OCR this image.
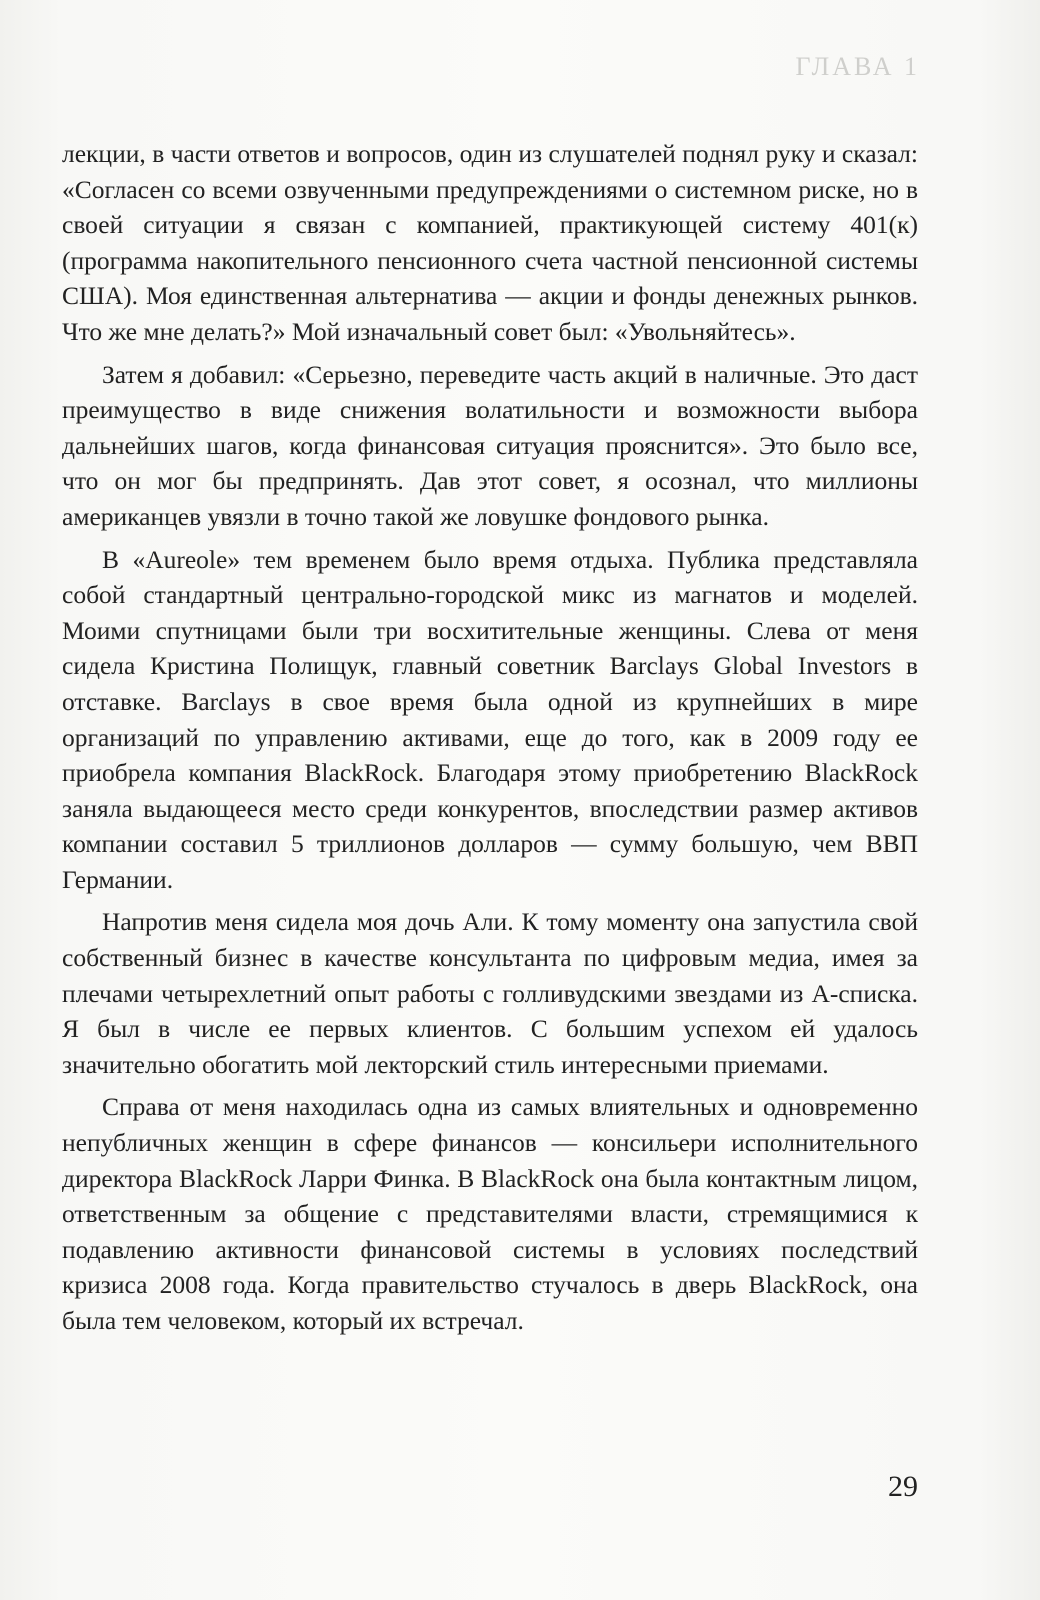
ГЛАВА 1

лекции, в части ответов и вопросов, один из слушателей поднял руку и сказал: «Согласен со всеми озвученными предупреждениями о системном риске, но в своей ситуации я связан с компанией, практикующей систему 401(к) (программа накопительного пенсионного счета частной пенсионной системы США). Моя единственная альтернатива — акции и фонды денежных рынков. Что же мне делать?» Мой изначальный совет был: «Увольняйтесь».

Затем я добавил: «Серьезно, переведите часть акций в наличные. Это даст преимущество в виде снижения волатильности и возможности выбора дальнейших шагов, когда финансовая ситуация прояснится». Это было все, что он мог бы предпринять. Дав этот совет, я осознал, что миллионы американцев увязли в точно такой же ловушке фондового рынка.

В «Aureole» тем временем было время отдыха. Публика представляла собой стандартный центрально-городской микс из магнатов и моделей. Моими спутницами были три восхитительные женщины. Слева от меня сидела Кристина Полищук, главный советник Barclays Global Investors в отставке. Barclays в свое время была одной из крупнейших в мире организаций по управлению активами, еще до того, как в 2009 году ее приобрела компания BlackRock. Благодаря этому приобретению BlackRock заняла выдающееся место среди конкурентов, впоследствии размер активов компании составил 5 триллионов долларов — сумму большую, чем ВВП Германии.

Напротив меня сидела моя дочь Али. К тому моменту она запустила свой собственный бизнес в качестве консультанта по цифровым медиа, имея за плечами четырехлетний опыт работы с голливудскими звездами из А-списка. Я был в числе ее первых клиентов. С большим успехом ей удалось значительно обогатить мой лекторский стиль интересными приемами.

Справа от меня находилась одна из самых влиятельных и одновременно непубличных женщин в сфере финансов — консильери исполнительного директора BlackRock Ларри Финка. В BlackRock она была контактным лицом, ответственным за общение с представителями власти, стремящимися к подавлению активности финансовой системы в условиях последствий кризиса 2008 года. Когда правительство стучалось в дверь BlackRock, она была тем человеком, который их встречал.

29
